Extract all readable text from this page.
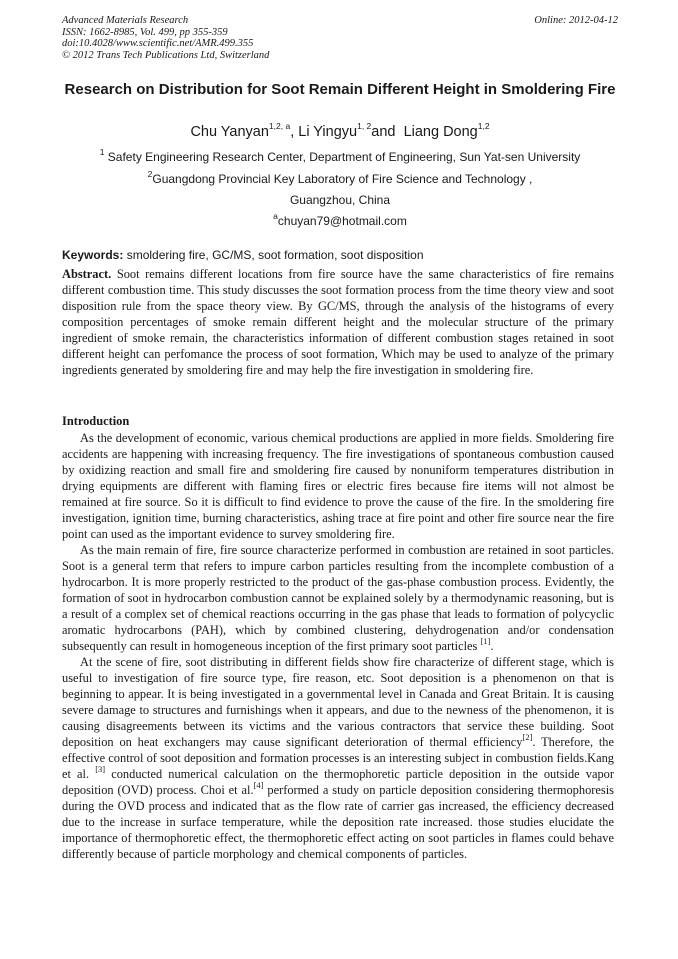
Advanced Materials Research
ISSN: 1662-8985, Vol. 499, pp 355-359
doi:10.4028/www.scientific.net/AMR.499.355
© 2012 Trans Tech Publications Ltd, Switzerland
Online: 2012-04-12
Research on Distribution for Soot Remain Different Height in Smoldering Fire
Chu Yanyan$^{1,2, a}$, Li Yingyu$^{1, 2}$and Liang Dong$^{1,2}$
$^1$ Safety Engineering Research Center, Department of Engineering, Sun Yat-sen University
$^2$Guangdong Provincial Key Laboratory of Fire Science and Technology ,
Guangzhou, China
$^a$chuyan79@hotmail.com
Keywords: smoldering fire, GC/MS, soot formation, soot disposition
Abstract. Soot remains different locations from fire source have the same characteristics of fire remains different combustion time. This study discusses the soot formation process from the time theory view and soot disposition rule from the space theory view. By GC/MS, through the analysis of the histograms of every composition percentages of smoke remain different height and the molecular structure of the primary ingredient of smoke remain, the characteristics information of different combustion stages retained in soot different height can perfomance the process of soot formation, Which may be used to analyze of the primary ingredients generated by smoldering fire and may help the fire investigation in smoldering fire.
Introduction

As the development of economic, various chemical productions are applied in more fields. Smoldering fire accidents are happening with increasing frequency. The fire investigations of spontaneous combustion caused by oxidizing reaction and small fire and smoldering fire caused by nonuniform temperatures distribution in drying equipments are different with flaming fires or electric fires because fire items will not almost be remained at fire source. So it is difficult to find evidence to prove the cause of the fire. In the smoldering fire investigation, ignition time, burning characteristics, ashing trace at fire point and other fire source near the fire point can used as the important evidence to survey smoldering fire.

As the main remain of fire, fire source characterize performed in combustion are retained in soot particles. Soot is a general term that refers to impure carbon particles resulting from the incomplete combustion of a hydrocarbon. It is more properly restricted to the product of the gas-phase combustion process. Evidently, the formation of soot in hydrocarbon combustion cannot be explained solely by a thermodynamic reasoning, but is a result of a complex set of chemical reactions occurring in the gas phase that leads to formation of polycyclic aromatic hydrocarbons (PAH), which by combined clustering, dehydrogenation and/or condensation subsequently can result in homogeneous inception of the first primary soot particles [1].

At the scene of fire, soot distributing in different fields show fire characterize of different stage, which is useful to investigation of fire source type, fire reason, etc. Soot deposition is a phenomenon on that is beginning to appear. It is being investigated in a governmental level in Canada and Great Britain. It is causing severe damage to structures and furnishings when it appears, and due to the newness of the phenomenon, it is causing disagreements between its victims and the various contractors that service these building. Soot deposition on heat exchangers may cause significant deterioration of thermal efficiency[2]. Therefore, the effective control of soot deposition and formation processes is an interesting subject in combustion fields.Kang et al. [3] conducted numerical calculation on the thermophoretic particle deposition in the outside vapor deposition (OVD) process. Choi et al.[4] performed a study on particle deposition considering thermophoresis during the OVD process and indicated that as the flow rate of carrier gas increased, the efficiency decreased due to the increase in surface temperature, while the deposition rate increased. those studies elucidate the importance of thermophoretic effect, the thermophoretic effect acting on soot particles in flames could behave differently because of particle morphology and chemical components of particles.
